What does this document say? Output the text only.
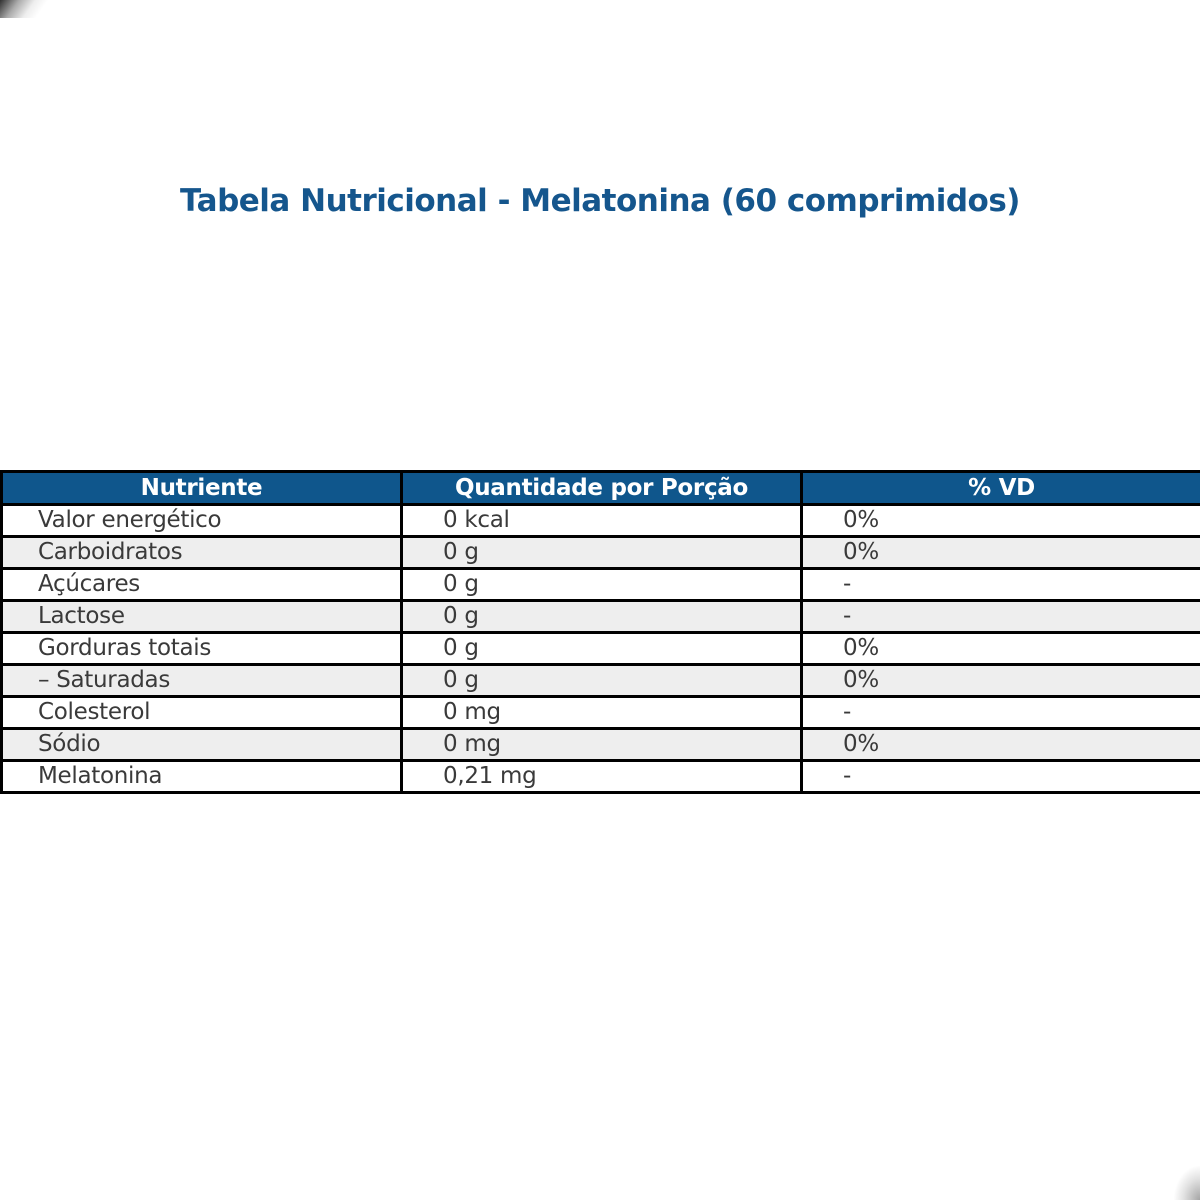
Tabela Nutricional - Melatonina (60 comprimidos)
Nutriente	Quantidade por Porção	% VD
Valor energético	0 kcal	0%
Carboidratos	0 g	0%
Açúcares	0 g	-
Lactose	0 g	-
Gorduras totais	0 g	0%
– Saturadas	0 g	0%
Colesterol	0 mg	-
Sódio	0 mg	0%
Melatonina	0,21 mg	-
